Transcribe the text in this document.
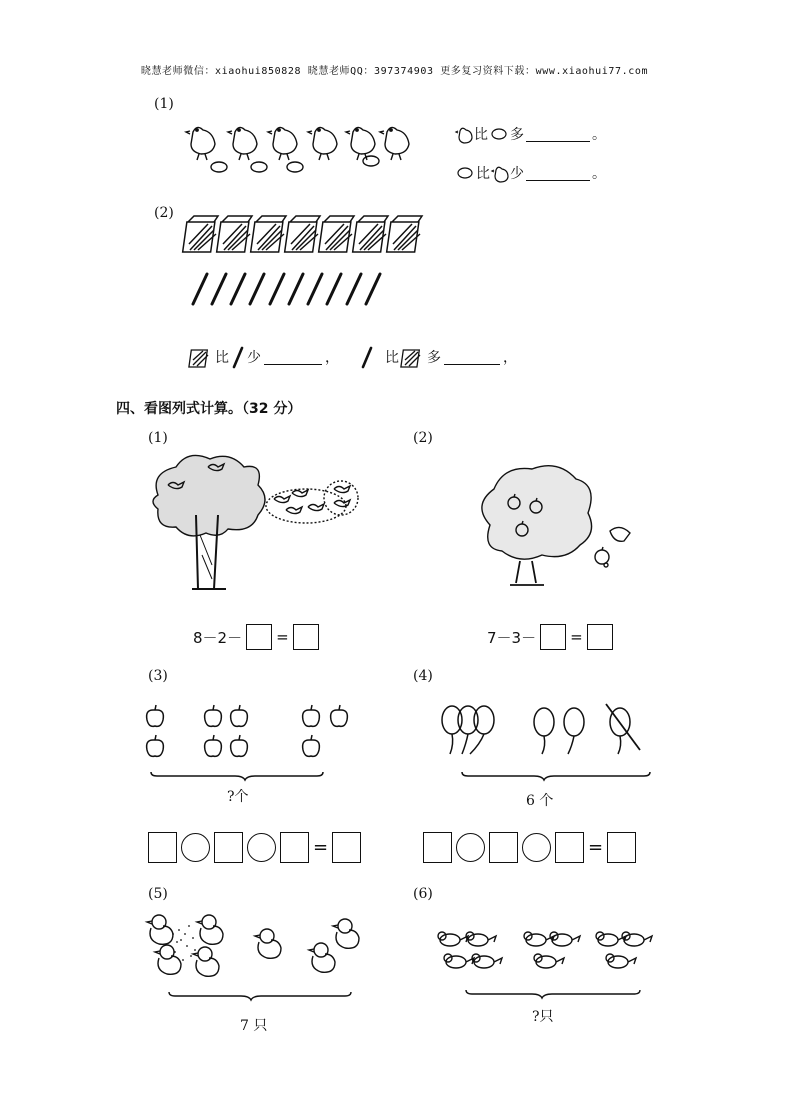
晓慧老师微信：xiaohui850828 晓慧老师QQ：397374903 更多复习资料下载：www.xiaohui77.com
(1)
比 多	。
比 少	。
(2)
比 少	，	比 多	，
四、看图列式计算。（32 分）
(1)	(2)
8－2－ =	7－3－ =
(3)	(4)
?个	6 个
=	=
(5)	(6)
7 只
?只
